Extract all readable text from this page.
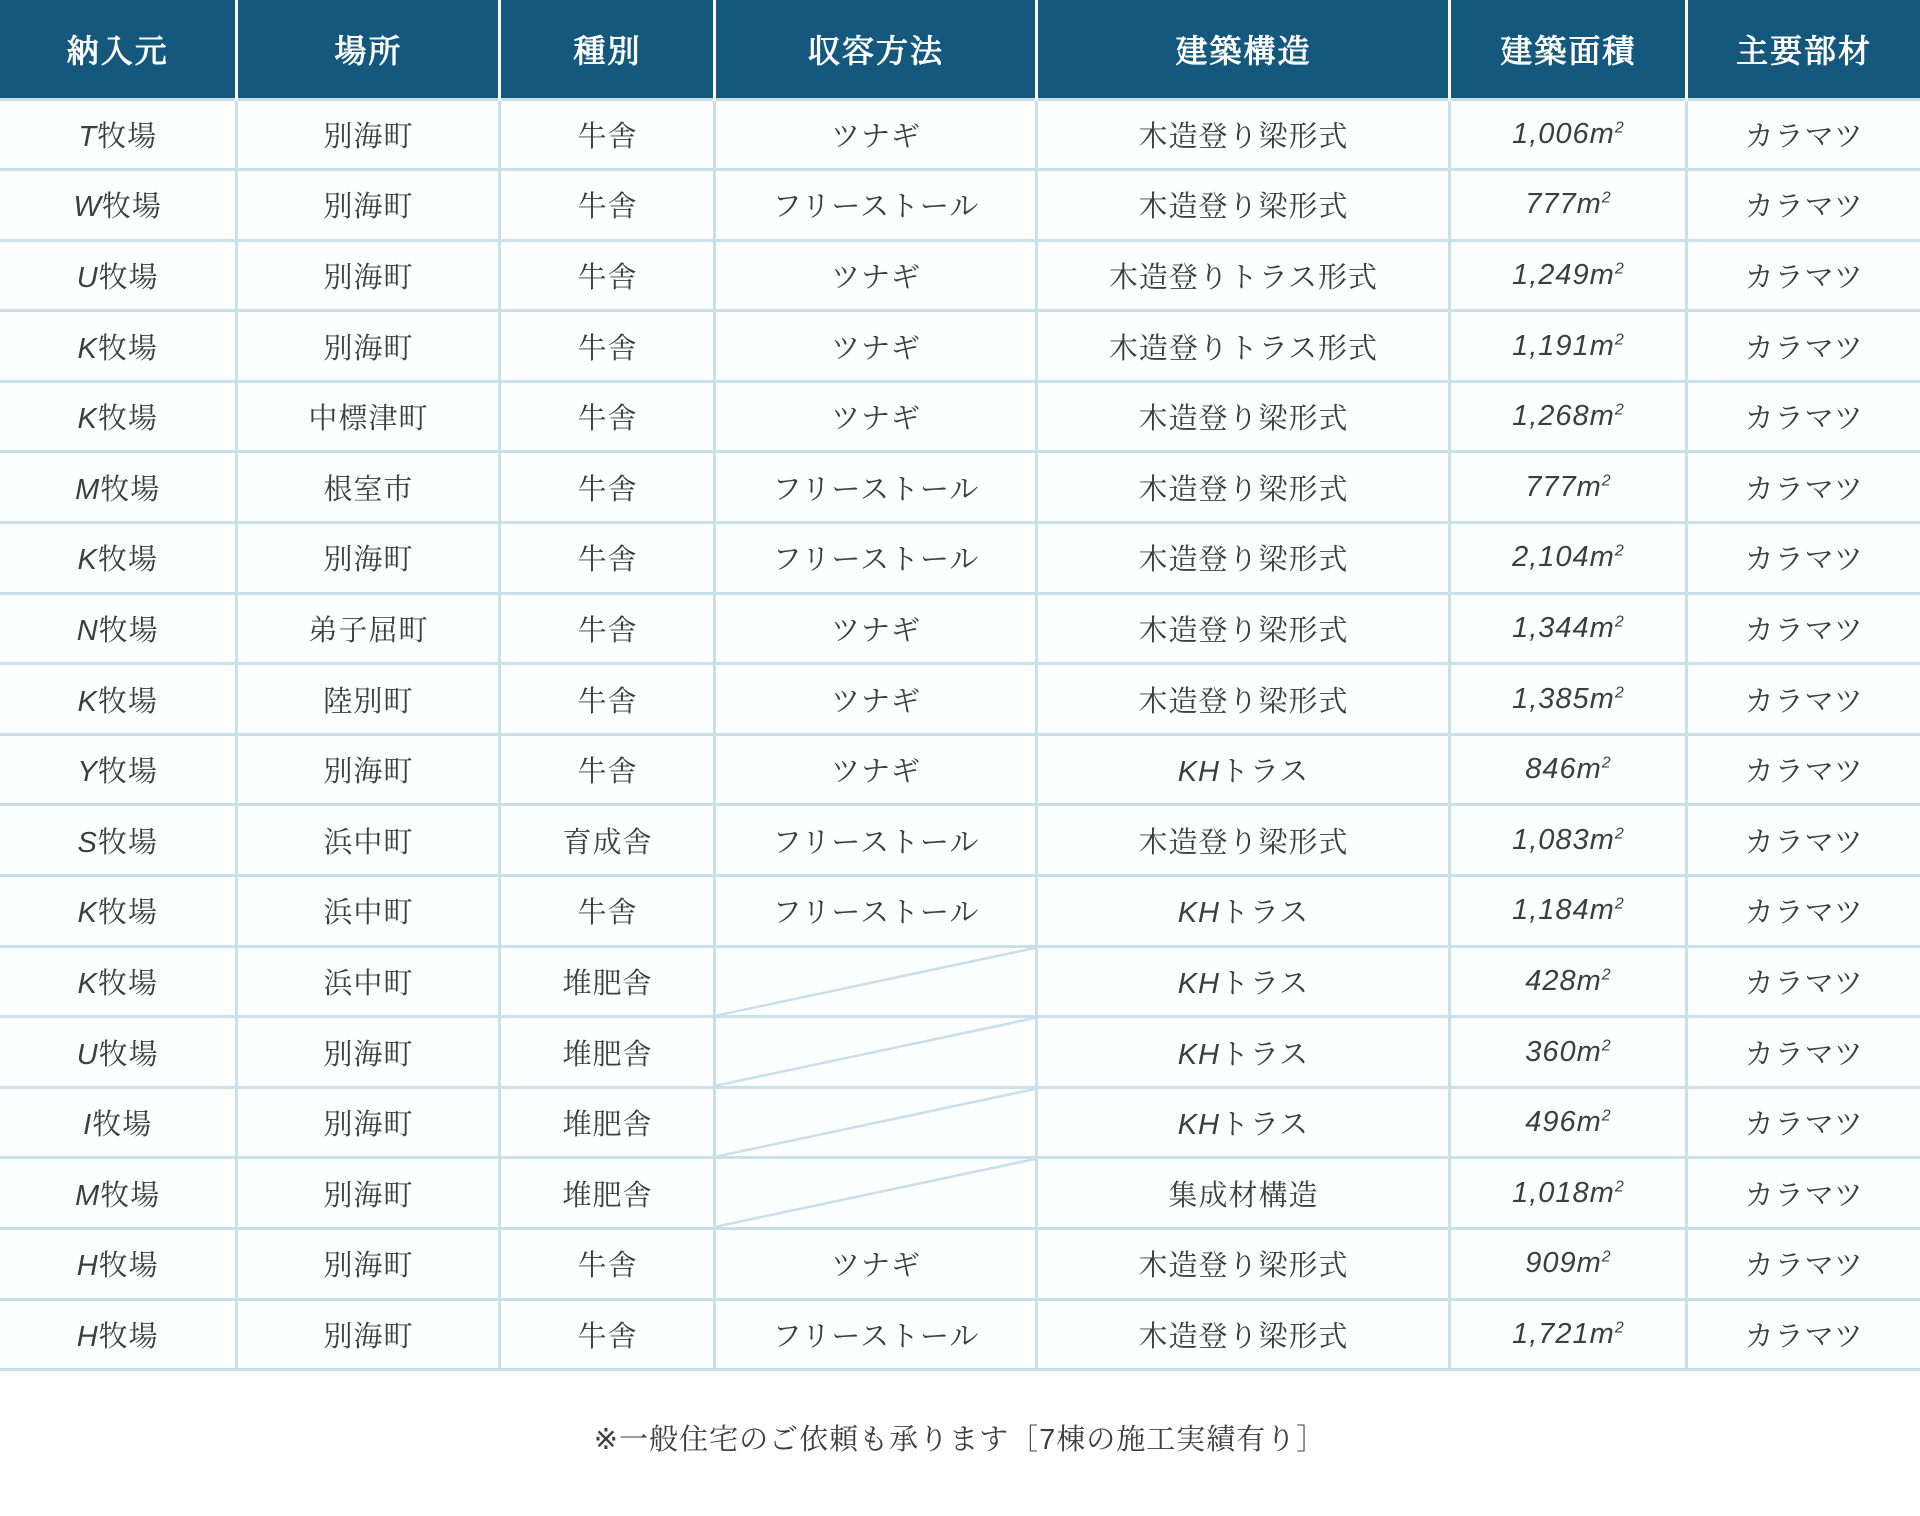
納入元	場所	種別	収容方法	建築構造	建築面積	主要部材
T牧場	別海町	牛舎	ツナギ	木造登り梁形式	$1,006m^2$	カラマツ
W牧場	別海町	牛舎	フリーストール	木造登り梁形式	$777m^2$	カラマツ
U牧場	別海町	牛舎	ツナギ	木造登りトラス形式	$1,249m^2$	カラマツ
K牧場	別海町	牛舎	ツナギ	木造登りトラス形式	$1,191m^2$	カラマツ
K牧場	中標津町	牛舎	ツナギ	木造登り梁形式	$1,268m^2$	カラマツ
M牧場	根室市	牛舎	フリーストール	木造登り梁形式	$777m^2$	カラマツ
K牧場	別海町	牛舎	フリーストール	木造登り梁形式	$2,104m^2$	カラマツ
N牧場	弟子屈町	牛舎	ツナギ	木造登り梁形式	$1,344m^2$	カラマツ
K牧場	陸別町	牛舎	ツナギ	木造登り梁形式	$1,385m^2$	カラマツ
Y牧場	別海町	牛舎	ツナギ	KHトラス	$846m^2$	カラマツ
S牧場	浜中町	育成舎	フリーストール	木造登り梁形式	$1,083m^2$	カラマツ
K牧場	浜中町	牛舎	フリーストール	KHトラス	$1,184m^2$	カラマツ
K牧場	浜中町	堆肥舎		KHトラス	$428m^2$	カラマツ
U牧場	別海町	堆肥舎		KHトラス	$360m^2$	カラマツ
I牧場	別海町	堆肥舎		KHトラス	$496m^2$	カラマツ
M牧場	別海町	堆肥舎		集成材構造	$1,018m^2$	カラマツ
H牧場	別海町	牛舎	ツナギ	木造登り梁形式	$909m^2$	カラマツ
H牧場	別海町	牛舎	フリーストール	木造登り梁形式	$1,721m^2$	カラマツ

※一般住宅のご依頼も承ります［7棟の施工実績有り］
